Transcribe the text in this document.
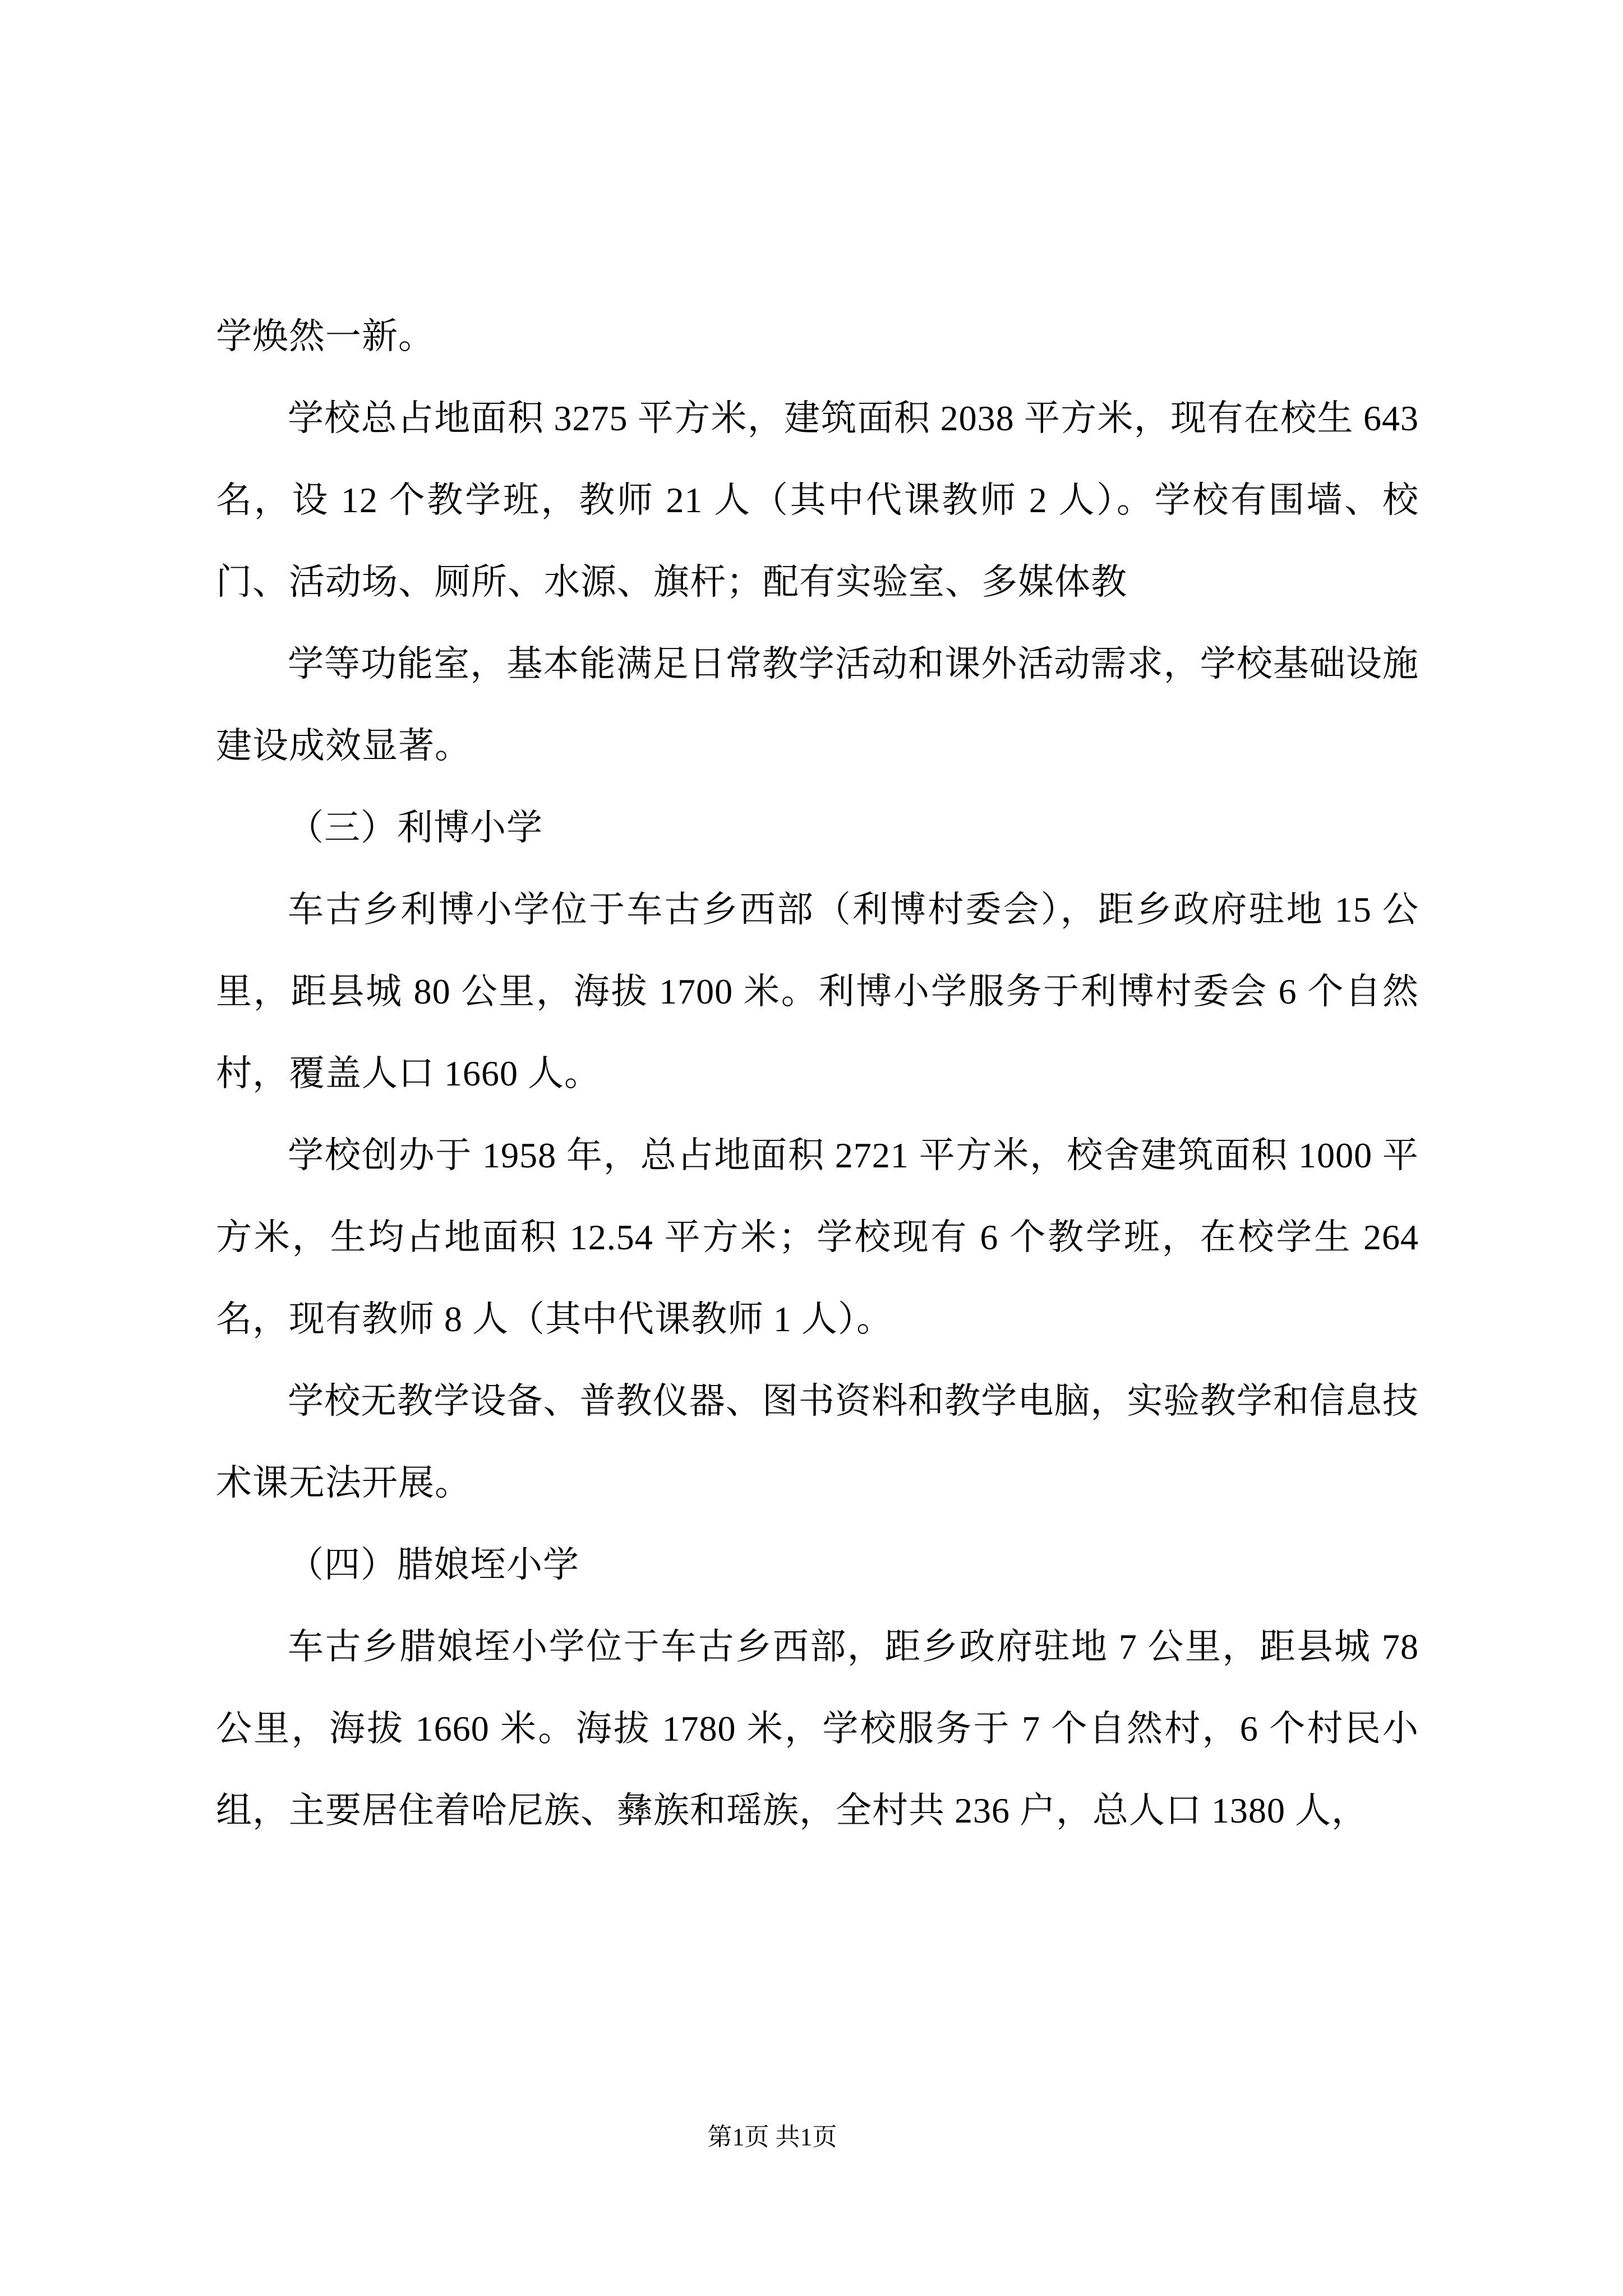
学焕然一新。

学校总占地面积 3275 平方米，建筑面积 2038 平方米，现有在校生 643 名，设 12 个教学班，教师 21 人（其中代课教师 2 人）。学校有围墙、校门、活动场、厕所、水源、旗杆；配有实验室、多媒体教

学等功能室，基本能满足日常教学活动和课外活动需求，学校基础设施建设成效显著。

（三）利博小学

车古乡利博小学位于车古乡西部（利博村委会），距乡政府驻地 15 公里，距县城 80 公里，海拔 1700 米。利博小学服务于利博村委会 6 个自然村，覆盖人口 1660 人。

学校创办于 1958 年，总占地面积 2721 平方米，校舍建筑面积 1000 平方米，生均占地面积 12.54 平方米；学校现有 6 个教学班，在校学生 264 名，现有教师 8 人（其中代课教师 1 人）。

学校无教学设备、普教仪器、图书资料和教学电脑，实验教学和信息技术课无法开展。

（四）腊娘垤小学

车古乡腊娘垤小学位于车古乡西部，距乡政府驻地 7 公里，距县城 78 公里，海拔 1660 米。海拔 1780 米，学校服务于 7 个自然村，6 个村民小组，主要居住着哈尼族、彝族和瑶族，全村共 236 户，总人口 1380 人，

第1页 共1页
